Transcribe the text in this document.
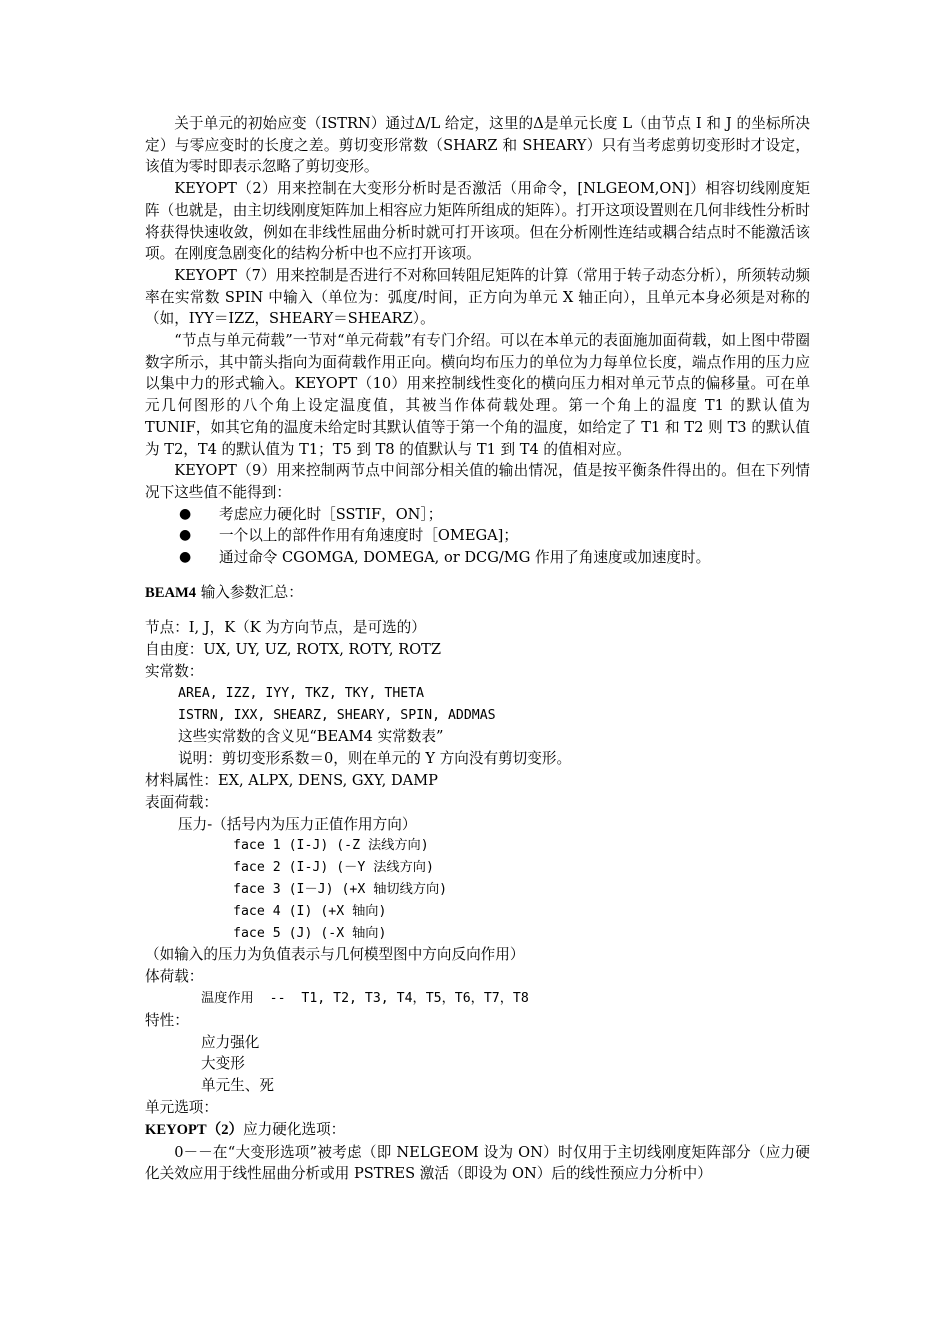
关于单元的初始应变（ISTRN）通过Δ/L 给定，这里的Δ是单元长度 L（由节点 I 和 J 的坐标所决定）与零应变时的长度之差。剪切变形常数（SHARZ 和 SHEARY）只有当考虑剪切变形时才设定，该值为零时即表示忽略了剪切变形。

KEYOPT（2）用来控制在大变形分析时是否激活（用命令，[NLGEOM,ON]）相容切线刚度矩阵（也就是，由主切线刚度矩阵加上相容应力矩阵所组成的矩阵）。打开这项设置则在几何非线性分析时将获得快速收敛，例如在非线性屈曲分析时就可打开该项。但在分析刚性连结或耦合结点时不能激活该项。在刚度急剧变化的结构分析中也不应打开该项。

KEYOPT（7）用来控制是否进行不对称回转阻尼矩阵的计算（常用于转子动态分析），所须转动频率在实常数 SPIN 中输入（单位为：弧度/时间，正方向为单元 X 轴正向），且单元本身必须是对称的（如，IYY＝IZZ，SHEARY＝SHEARZ）。

“节点与单元荷载”一节对“单元荷载”有专门介绍。可以在本单元的表面施加面荷载，如上图中带圈数字所示，其中箭头指向为面荷载作用正向。横向均布压力的单位为力每单位长度，端点作用的压力应以集中力的形式输入。KEYOPT（10）用来控制线性变化的横向压力相对单元节点的偏移量。可在单元几何图形的八个角上设定温度值，其被当作体荷载处理。第一个角上的温度 T1 的默认值为 TUNIF，如其它角的温度未给定时其默认值等于第一个角的温度，如给定了 T1 和 T2 则 T3 的默认值为 T2，T4 的默认值为 T1；T5 到 T8 的值默认与 T1 到 T4 的值相对应。

KEYOPT（9）用来控制两节点中间部分相关值的输出情况，值是按平衡条件得出的。但在下列情况下这些值不能得到：

● 考虑应力硬化时［SSTIF，ON］；
● 一个以上的部件作用有角速度时［OMEGA]；
● 通过命令 CGOMGA, DOMEGA, or DCG/MG 作用了角速度或加速度时。

BEAM4 输入参数汇总：

节点：I, J，K（K 为方向节点，是可选的）

自由度：UX, UY, UZ, ROTX, ROTY, ROTZ

实常数：

AREA, IZZ, IYY, TKZ, TKY, THETA

ISTRN, IXX, SHEARZ, SHEARY, SPIN, ADDMAS

这些实常数的含义见“BEAM4 实常数表”

说明：剪切变形系数＝0，则在单元的 Y 方向没有剪切变形。

材料属性：EX, ALPX, DENS, GXY, DAMP

表面荷载：

压力-（括号内为压力正值作用方向）

face 1 (I-J) (-Z 法线方向)

face 2 (I-J) (－Y 法线方向)

face 3 (I－J) (+X 轴切线方向)

face 4 (I) (+X 轴向)

face 5 (J) (-X 轴向)

（如输入的压力为负值表示与几何模型图中方向反向作用）

体荷载：

温度作用  --  T1, T2, T3, T4，T5，T6，T7，T8

特性：

应力强化

大变形

单元生、死

单元选项：

KEYOPT（2）应力硬化选项：

0－－在“大变形选项”被考虑（即 NELGEOM 设为 ON）时仅用于主切线刚度矩阵部分（应力硬化关效应用于线性屈曲分析或用 PSTRES 激活（即设为 ON）后的线性预应力分析中）
